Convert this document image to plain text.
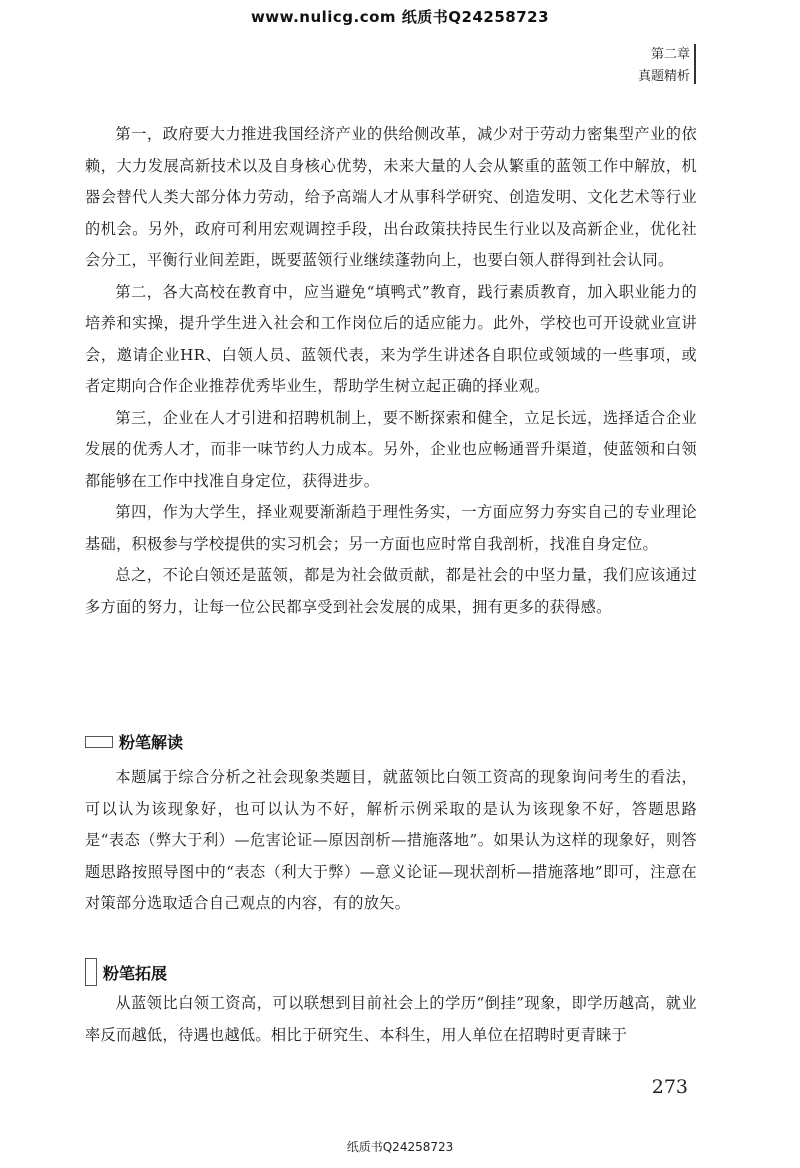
www.nulicg.com 纸质书Q24258723
第二章
真题精析

第一，政府要大力推进我国经济产业的供给侧改革，减少对于劳动力密集型产业的依赖，大力发展高新技术以及自身核心优势，未来大量的人会从繁重的蓝领工作中解放，机器会替代人类大部分体力劳动，给予高端人才从事科学研究、创造发明、文化艺术等行业的机会。另外，政府可利用宏观调控手段，出台政策扶持民生行业以及高新企业，优化社会分工，平衡行业间差距，既要蓝领行业继续蓬勃向上，也要白领人群得到社会认同。

第二，各大高校在教育中，应当避免“填鸭式”教育，践行素质教育，加入职业能力的培养和实操，提升学生进入社会和工作岗位后的适应能力。此外，学校也可开设就业宣讲会，邀请企业HR、白领人员、蓝领代表，来为学生讲述各自职位或领域的一些事项，或者定期向合作企业推荐优秀毕业生，帮助学生树立起正确的择业观。

第三，企业在人才引进和招聘机制上，要不断探索和健全，立足长远，选择适合企业发展的优秀人才，而非一味节约人力成本。另外，企业也应畅通晋升渠道，使蓝领和白领都能够在工作中找准自身定位，获得进步。

第四，作为大学生，择业观要渐渐趋于理性务实，一方面应努力夯实自己的专业理论基础，积极参与学校提供的实习机会；另一方面也应时常自我剖析，找准自身定位。

总之，不论白领还是蓝领，都是为社会做贡献，都是社会的中坚力量，我们应该通过多方面的努力，让每一位公民都享受到社会发展的成果，拥有更多的获得感。

粉笔解读

本题属于综合分析之社会现象类题目，就蓝领比白领工资高的现象询问考生的看法，可以认为该现象好，也可以认为不好，解析示例采取的是认为该现象不好，答题思路是“表态（弊大于利）—危害论证—原因剖析—措施落地”。如果认为这样的现象好，则答题思路按照导图中的“表态（利大于弊）—意义论证—现状剖析—措施落地”即可，注意在对策部分选取适合自己观点的内容，有的放矢。

粉笔拓展

从蓝领比白领工资高，可以联想到目前社会上的学历“倒挂”现象，即学历越高，就业率反而越低，待遇也越低。相比于研究生、本科生，用人单位在招聘时更青睐于

273
纸质书Q24258723
